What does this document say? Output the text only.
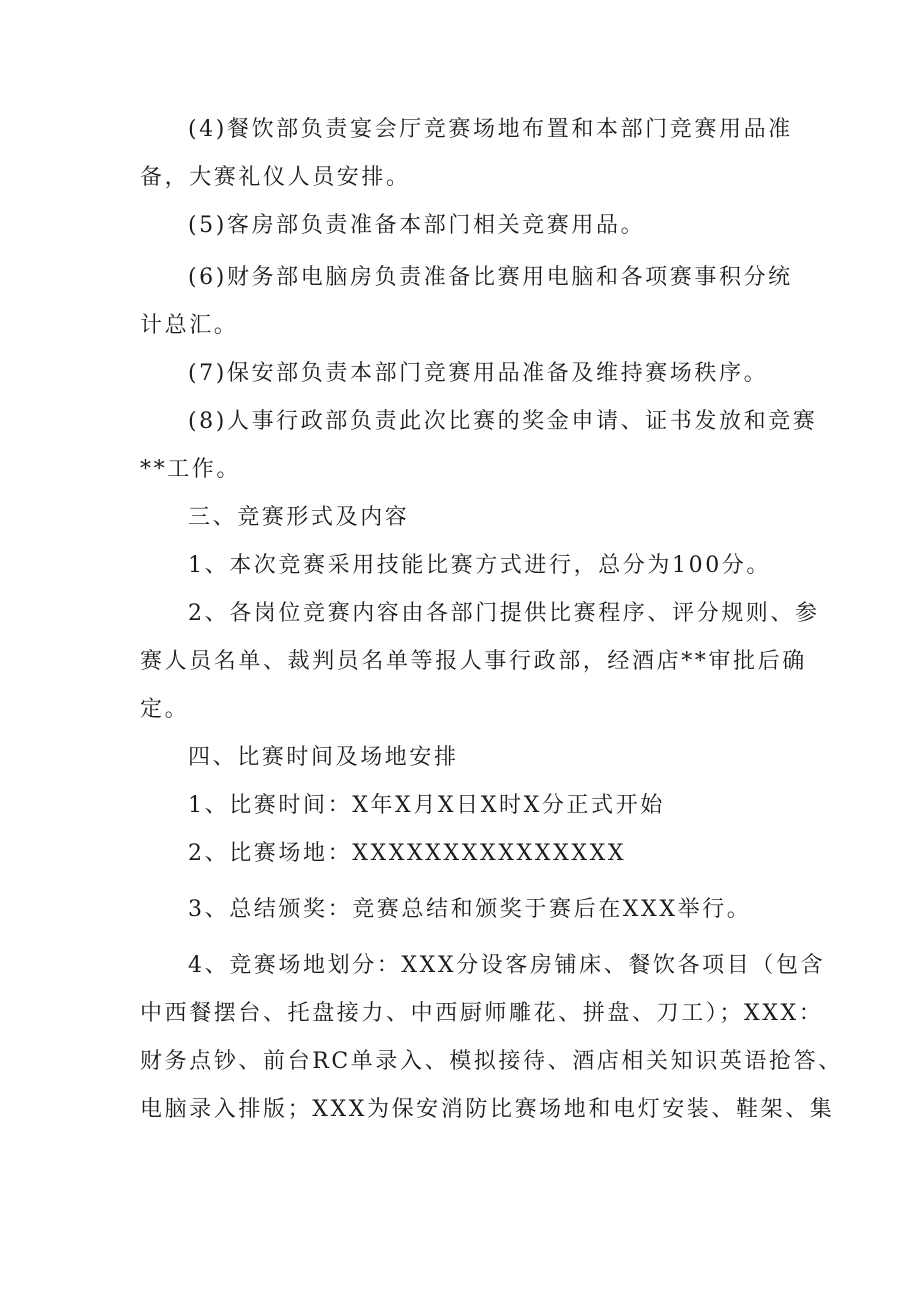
(4)餐饮部负责宴会厅竞赛场地布置和本部门竞赛用品准
备，大赛礼仪人员安排。
(5)客房部负责准备本部门相关竞赛用品。
(6)财务部电脑房负责准备比赛用电脑和各项赛事积分统
计总汇。
(7)保安部负责本部门竞赛用品准备及维持赛场秩序。
(8)人事行政部负责此次比赛的奖金申请、证书发放和竞赛
**工作。
三、竞赛形式及内容
1、本次竞赛采用技能比赛方式进行，总分为100分。
2、各岗位竞赛内容由各部门提供比赛程序、评分规则、参
赛人员名单、裁判员名单等报人事行政部，经酒店**审批后确
定。
四、比赛时间及场地安排
1、比赛时间：X年X月X日X时X分正式开始
2、比赛场地：XXXXXXXXXXXXXXX
3、总结颁奖：竞赛总结和颁奖于赛后在XXX举行。
4、竞赛场地划分：XXX分设客房铺床、餐饮各项目（包含
中西餐摆台、托盘接力、中西厨师雕花、拼盘、刀工）；XXX：
财务点钞、前台RC单录入、模拟接待、酒店相关知识英语抢答、
电脑录入排版；XXX为保安消防比赛场地和电灯安装、鞋架、集
